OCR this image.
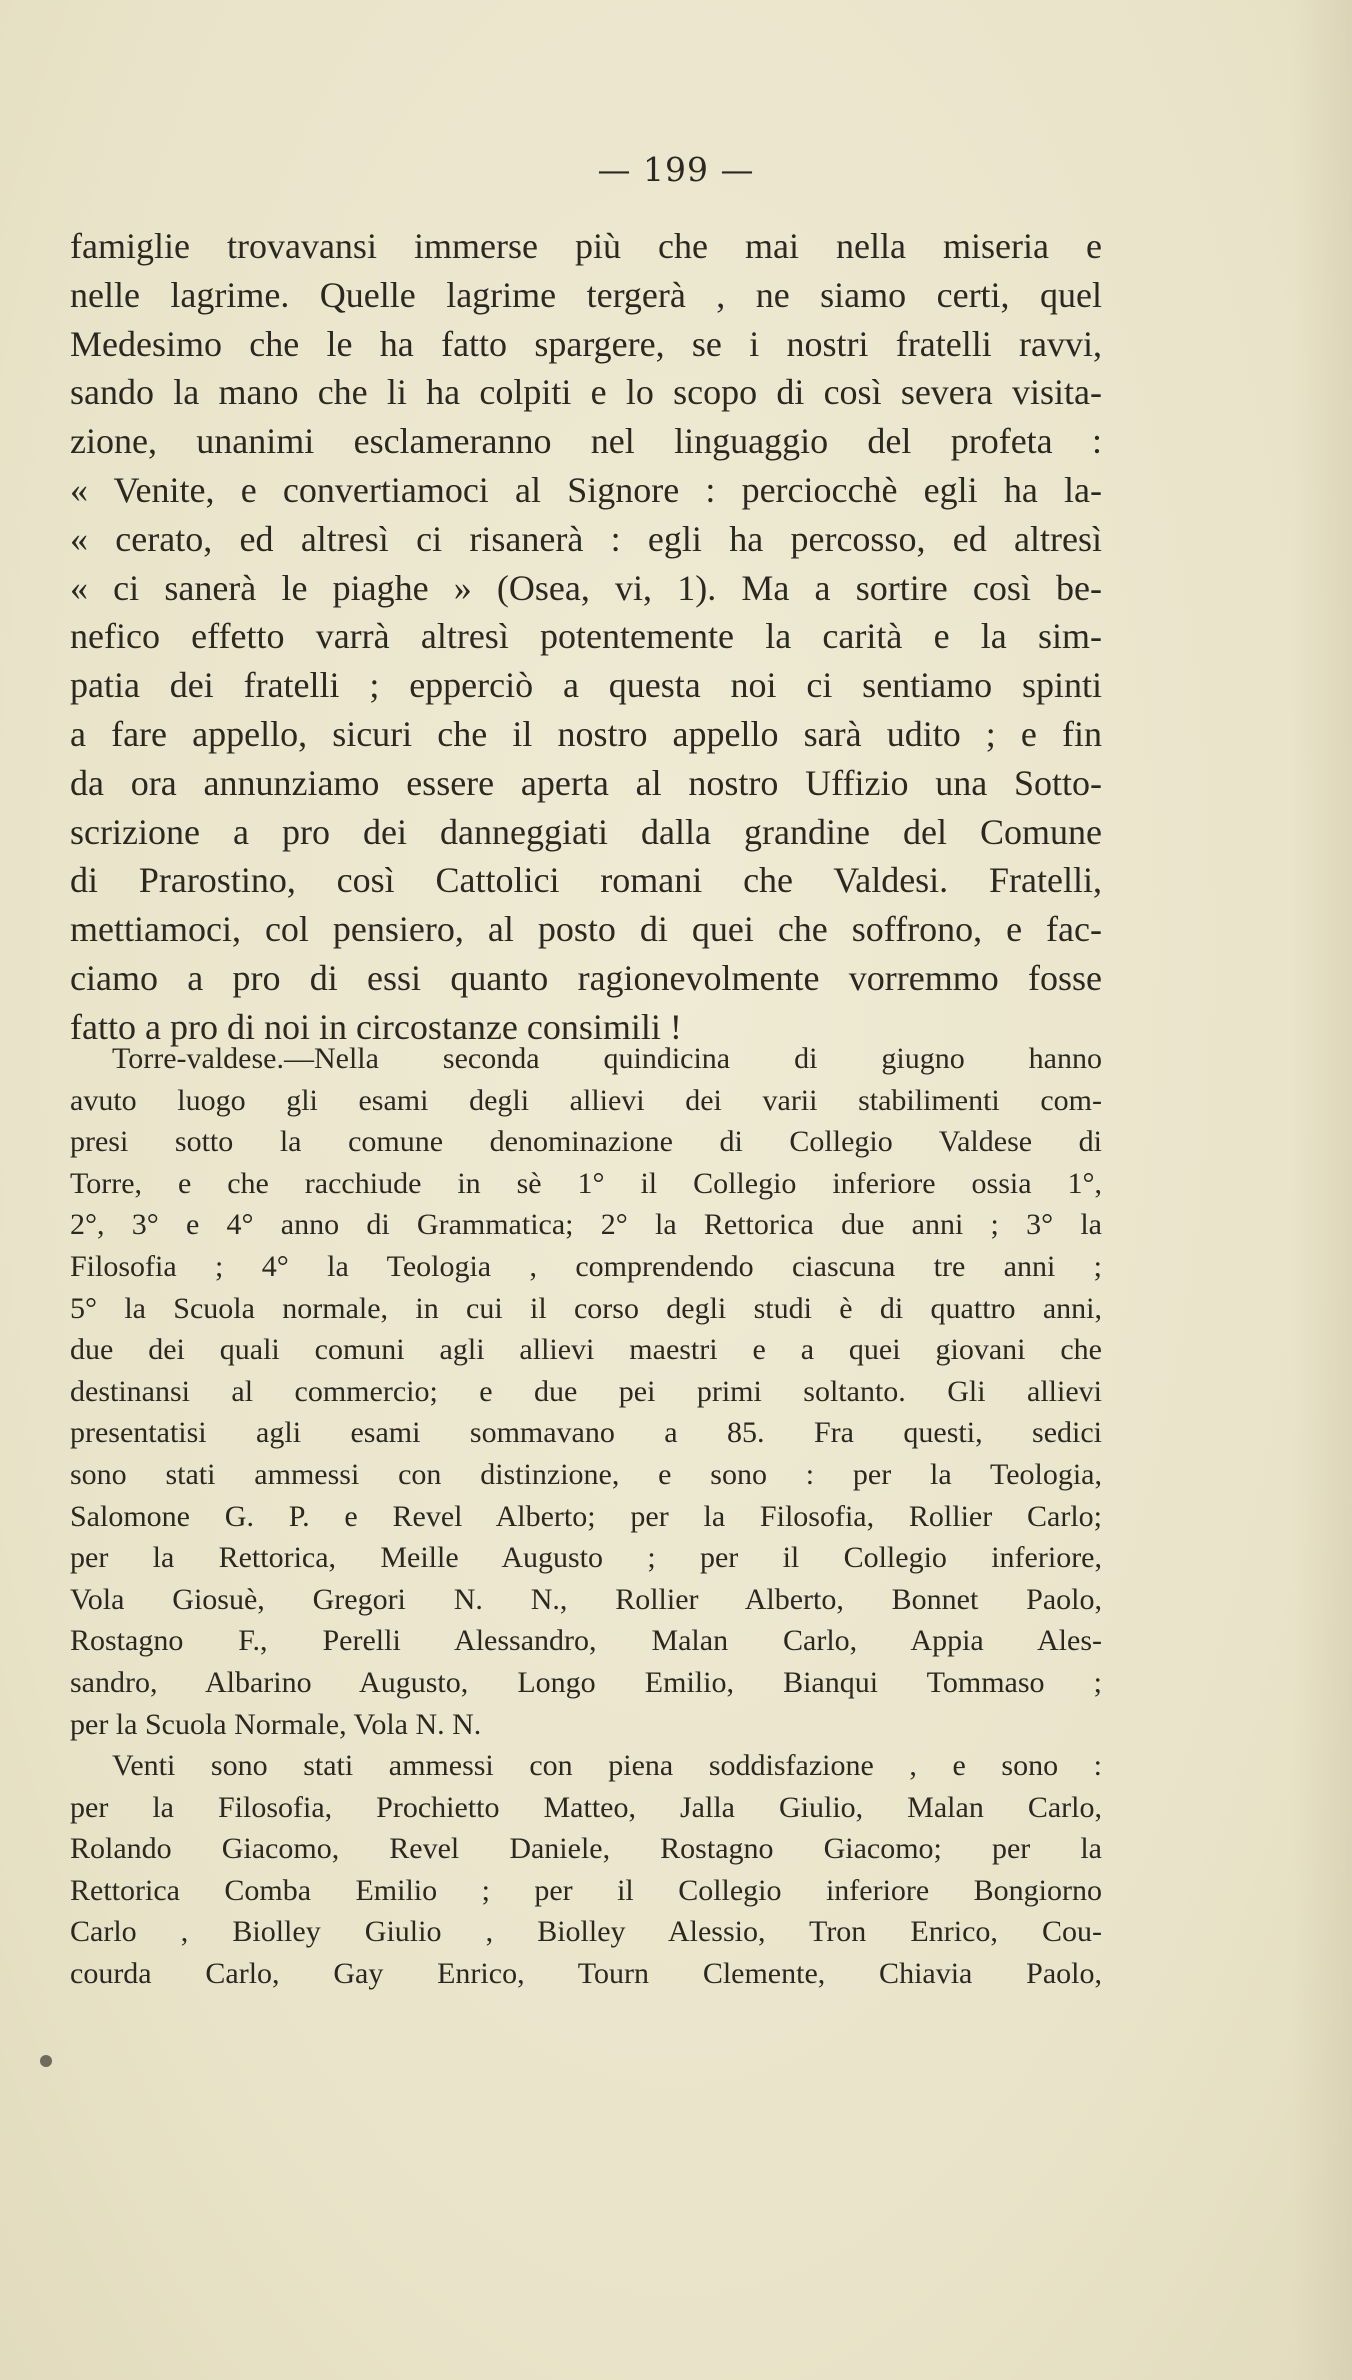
— 199 —
famiglie trovavansi immerse più che mai nella miseria e
nelle lagrime. Quelle lagrime tergerà , ne siamo certi, quel
Medesimo che le ha fatto spargere, se i nostri fratelli ravvi,
sando la mano che li ha colpiti e lo scopo di così severa visita-
zione, unanimi esclameranno nel linguaggio del profeta :
« Venite, e convertiamoci al Signore : perciocchè egli ha la-
« cerato, ed altresì ci risanerà : egli ha percosso, ed altresì
« ci sanerà le piaghe » (Osea, vi, 1). Ma a sortire così be-
nefico effetto varrà altresì potentemente la carità e la sim-
patia dei fratelli ; epperciò a questa noi ci sentiamo spinti
a fare appello, sicuri che il nostro appello sarà udito ; e fin
da ora annunziamo essere aperta al nostro Uffizio una Sotto-
scrizione a pro dei danneggiati dalla grandine del Comune
di Prarostino, così Cattolici romani che Valdesi. Fratelli,
mettiamoci, col pensiero, al posto di quei che soffrono, e fac-
ciamo a pro di essi quanto ragionevolmente vorremmo fosse
fatto a pro di noi in circostanze consimili !
Torre-valdese.—Nella seconda quindicina di giugno hanno
avuto luogo gli esami degli allievi dei varii stabilimenti com-
presi sotto la comune denominazione di Collegio Valdese di
Torre, e che racchiude in sè 1° il Collegio inferiore ossia 1°,
2°, 3° e 4° anno di Grammatica; 2° la Rettorica due anni ; 3° la
Filosofia ; 4° la Teologia , comprendendo ciascuna tre anni ;
5° la Scuola normale, in cui il corso degli studi è di quattro anni,
due dei quali comuni agli allievi maestri e a quei giovani che
destinansi al commercio; e due pei primi soltanto. Gli allievi
presentatisi agli esami sommavano a 85. Fra questi, sedici
sono stati ammessi con distinzione, e sono : per la Teologia,
Salomone G. P. e Revel Alberto; per la Filosofia, Rollier Carlo;
per la Rettorica, Meille Augusto ; per il Collegio inferiore,
Vola Giosuè, Gregori N. N., Rollier Alberto, Bonnet Paolo,
Rostagno F., Perelli Alessandro, Malan Carlo, Appia Ales-
sandro, Albarino Augusto, Longo Emilio, Bianqui Tommaso ;
per la Scuola Normale, Vola N. N.
Venti sono stati ammessi con piena soddisfazione , e sono :
per la Filosofia, Prochietto Matteo, Jalla Giulio, Malan Carlo,
Rolando Giacomo, Revel Daniele, Rostagno Giacomo; per la
Rettorica Comba Emilio ; per il Collegio inferiore Bongiorno
Carlo , Biolley Giulio , Biolley Alessio, Tron Enrico, Cou-
courda Carlo, Gay Enrico, Tourn Clemente, Chiavia Paolo,
